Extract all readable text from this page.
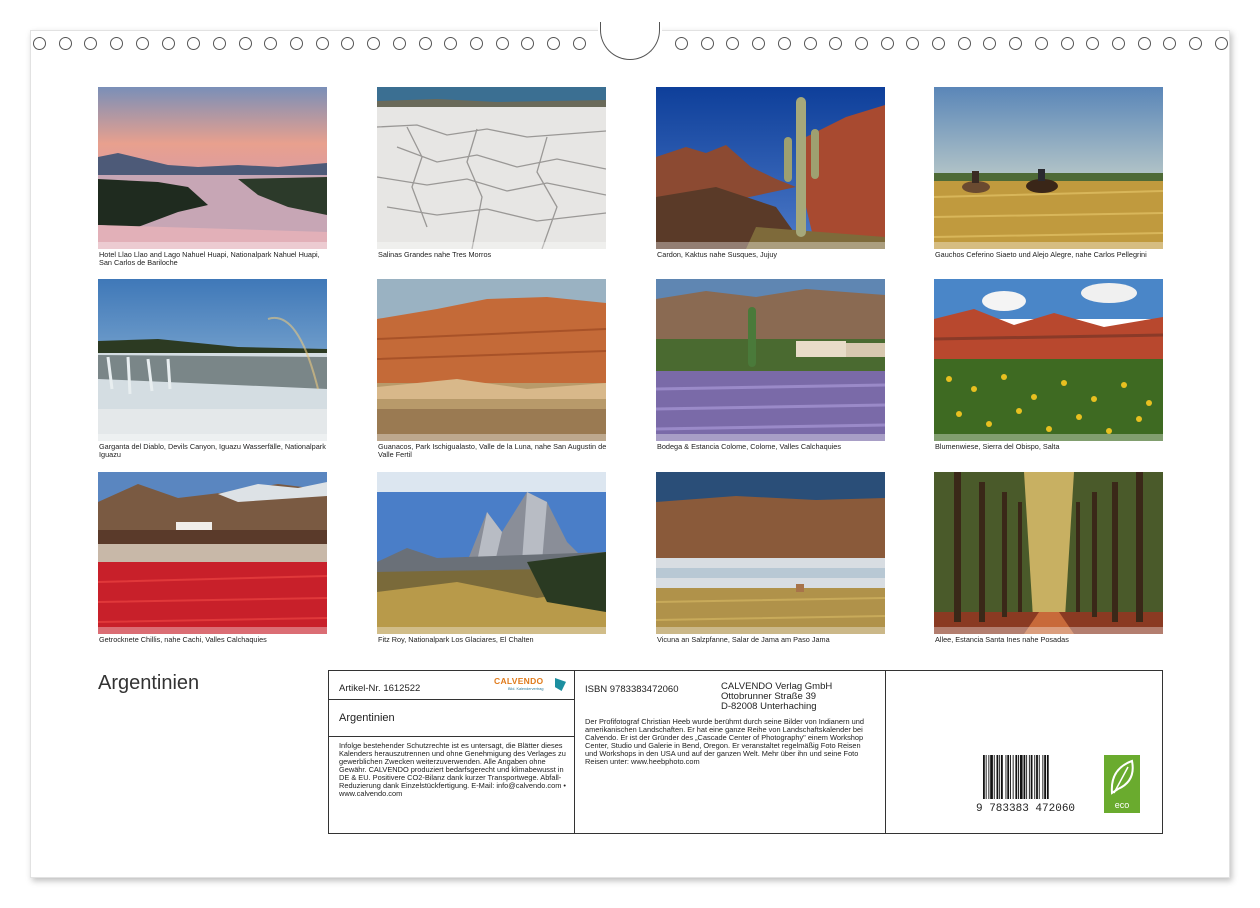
Hotel Llao Llao and Lago Nahuel Huapi, Nationalpark Nahuel Huapi, San Carlos de Bariloche
Salinas Grandes nahe Tres Morros	Cardon, Kaktus nahe Susques, Jujuy	Gauchos Ceferino Siaeto und Alejo Alegre, nahe Carlos Pellegrini
Garganta del Diablo, Devils Canyon, Iguazu Wasserfälle, Nationalpark Iguazu
Guanacos, Park Ischigualasto, Valle de la Luna, nahe San Augustin de Valle Fertil
Bodega & Estancia Colome, Colome, Valles Calchaquies	Blumenwiese, Sierra del Obispo, Salta
Getrocknete Chillis, nahe Cachi, Valles Calchaquies	Fitz Roy, Nationalpark Los Glaciares, El Chalten	Vicuna an Salzpfanne, Salar de Jama am Paso Jama	Allee, Estancia Santa Ines nahe Posadas
Argentinien	Artikel-Nr. 1612522
CALVENDO
Bild. Kalendervertrag
Argentinien
Infolge bestehender Schutzrechte ist es untersagt, die Blätter dieses Kalenders herauszutrennen und ohne Genehmigung des Verlages zu gewerblichen Zwecken weiterzuverwenden. Alle Angaben ohne Gewähr. CALVENDO produziert bedarfsgerecht und klimabewusst in DE & EU. Positivere CO2-Bilanz dank kurzer Transportwege. Abfall-Reduzierung dank Einzelstückfertigung. E-Mail: info@calvendo.com • www.calvendo.com
ISBN 9783383472060	CALVENDO Verlag GmbH
Ottobrunner Straße 39
D-82008 Unterhaching
Der Profifotograf Christian Heeb wurde berühmt durch seine Bilder von Indianern und amerikanischen Landschaften. Er hat eine ganze Reihe von Landschaftskalender bei Calvendo. Er ist der Gründer des „Cascade Center of Photography" einem Workshop Center, Studio und Galerie in Bend, Oregon. Er veranstaltet regelmäßig Foto Reisen und Workshops in den USA und auf der ganzen Welt. Mehr über ihn und seine Foto Reisen unter: www.heebphoto.com
9 783383 472060	eco
